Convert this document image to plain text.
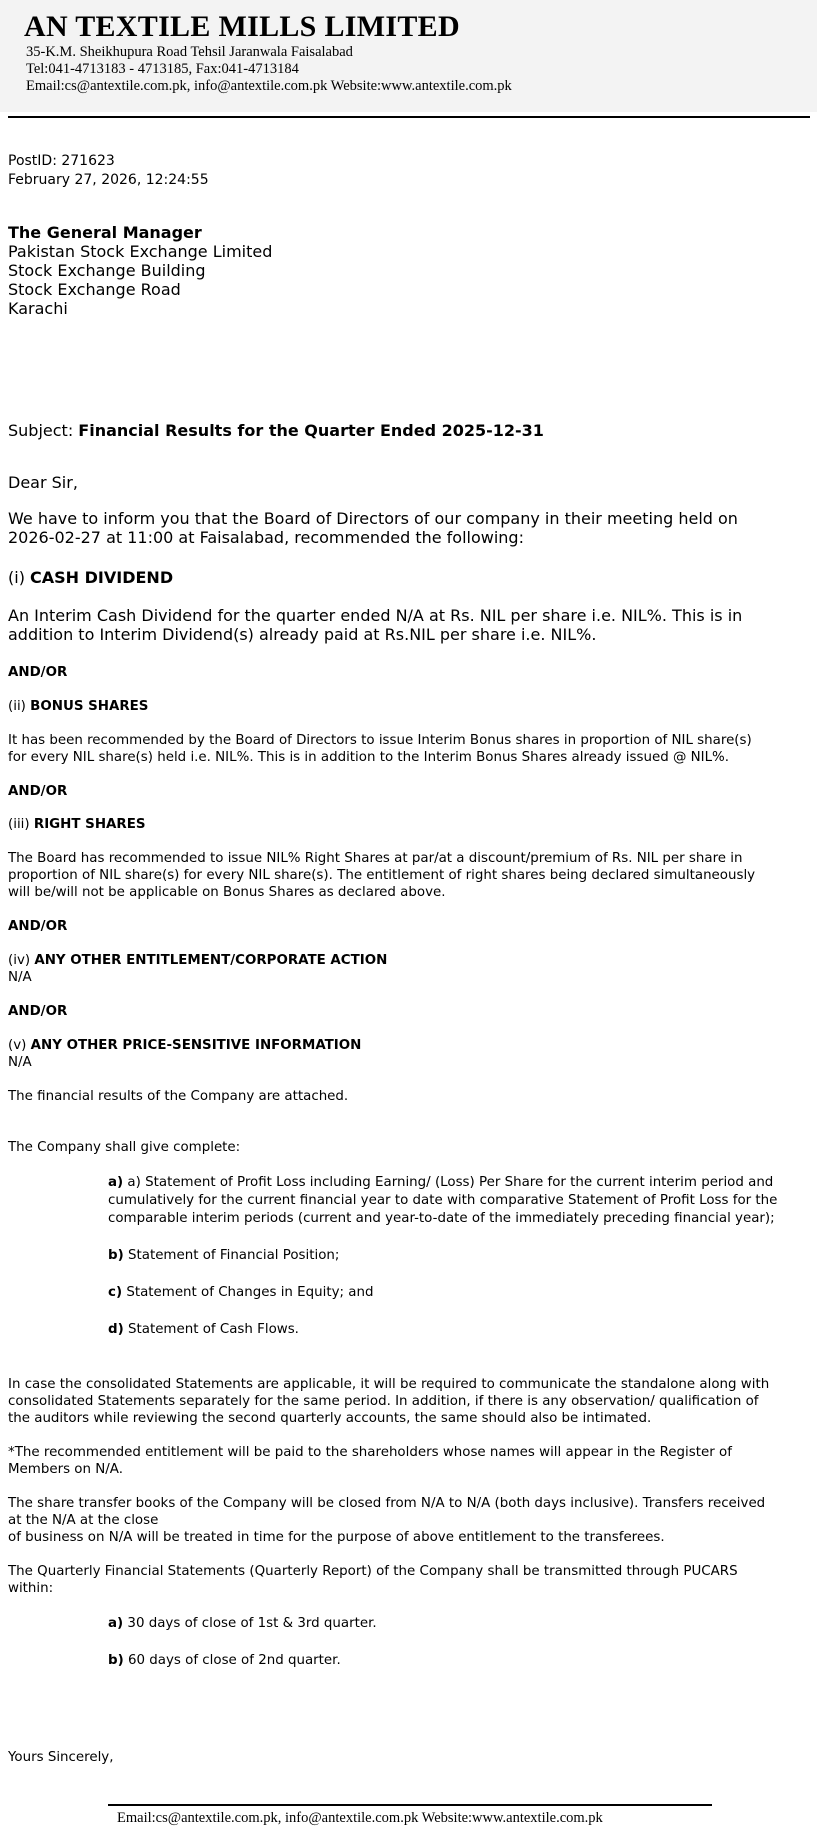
AN TEXTILE MILLS LIMITED
35-K.M. Sheikhupura Road Tehsil Jaranwala Faisalabad
Tel:041-4713183 - 4713185, Fax:041-4713184
Email:cs@antextile.com.pk, info@antextile.com.pk Website:www.antextile.com.pk
PostID: 271623
February 27, 2026, 12:24:55
The General Manager
Pakistan Stock Exchange Limited
Stock Exchange Building
Stock Exchange Road
Karachi
Subject: Financial Results for the Quarter Ended 2025-12-31
Dear Sir,
We have to inform you that the Board of Directors of our company in their meeting held on
2026-02-27 at 11:00 at Faisalabad, recommended the following:
(i) CASH DIVIDEND
An Interim Cash Dividend for the quarter ended N/A at Rs. NIL per share i.e. NIL%. This is in
addition to Interim Dividend(s) already paid at Rs.NIL per share i.e. NIL%.
AND/OR
(ii) BONUS SHARES
It has been recommended by the Board of Directors to issue Interim Bonus shares in proportion of NIL share(s)
for every NIL share(s) held i.e. NIL%. This is in addition to the Interim Bonus Shares already issued @ NIL%.
AND/OR
(iii) RIGHT SHARES
The Board has recommended to issue NIL% Right Shares at par/at a discount/premium of Rs. NIL per share in
proportion of NIL share(s) for every NIL share(s). The entitlement of right shares being declared simultaneously
will be/will not be applicable on Bonus Shares as declared above.
AND/OR
(iv) ANY OTHER ENTITLEMENT/CORPORATE ACTION
N/A
AND/OR
(v) ANY OTHER PRICE-SENSITIVE INFORMATION
N/A
The financial results of the Company are attached.
The Company shall give complete:
a) a) Statement of Profit Loss including Earning/ (Loss) Per Share for the current interim period and
cumulatively for the current financial year to date with comparative Statement of Profit Loss for the
comparable interim periods (current and year-to-date of the immediately preceding financial year);
b) Statement of Financial Position;
c) Statement of Changes in Equity; and
d) Statement of Cash Flows.
In case the consolidated Statements are applicable, it will be required to communicate the standalone along with
consolidated Statements separately for the same period. In addition, if there is any observation/ qualification of
the auditors while reviewing the second quarterly accounts, the same should also be intimated.
*The recommended entitlement will be paid to the shareholders whose names will appear in the Register of
Members on N/A.
The share transfer books of the Company will be closed from N/A to N/A (both days inclusive). Transfers received
at the N/A at the close
of business on N/A will be treated in time for the purpose of above entitlement to the transferees.
The Quarterly Financial Statements (Quarterly Report) of the Company shall be transmitted through PUCARS
within:
a) 30 days of close of 1st & 3rd quarter.
b) 60 days of close of 2nd quarter.
Yours Sincerely,
Email:cs@antextile.com.pk, info@antextile.com.pk Website:www.antextile.com.pk
